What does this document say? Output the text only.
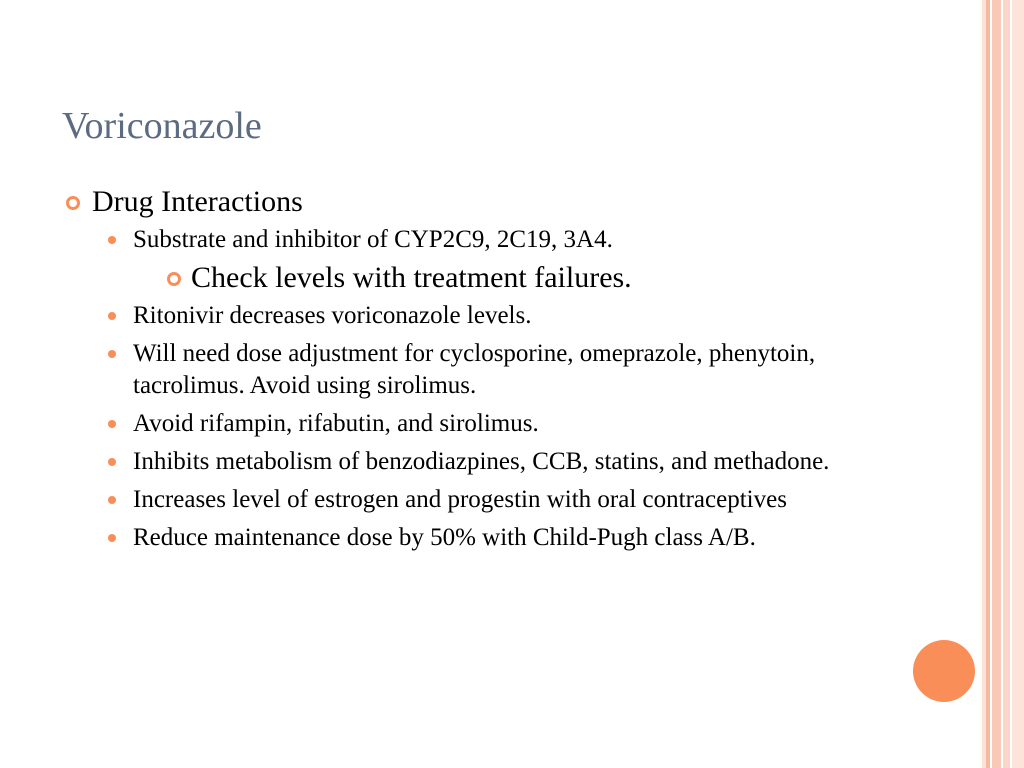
Voriconazole
Drug Interactions
Substrate and inhibitor of CYP2C9, 2C19, 3A4.
Check levels with treatment failures.
Ritonivir decreases voriconazole levels.
Will need dose adjustment for cyclosporine, omeprazole, phenytoin, tacrolimus. Avoid using sirolimus.
Avoid rifampin, rifabutin, and sirolimus.
Inhibits metabolism of benzodiazpines, CCB, statins, and methadone.
Increases level of estrogen and progestin with oral contraceptives
Reduce maintenance dose by 50% with Child-Pugh class A/B.
